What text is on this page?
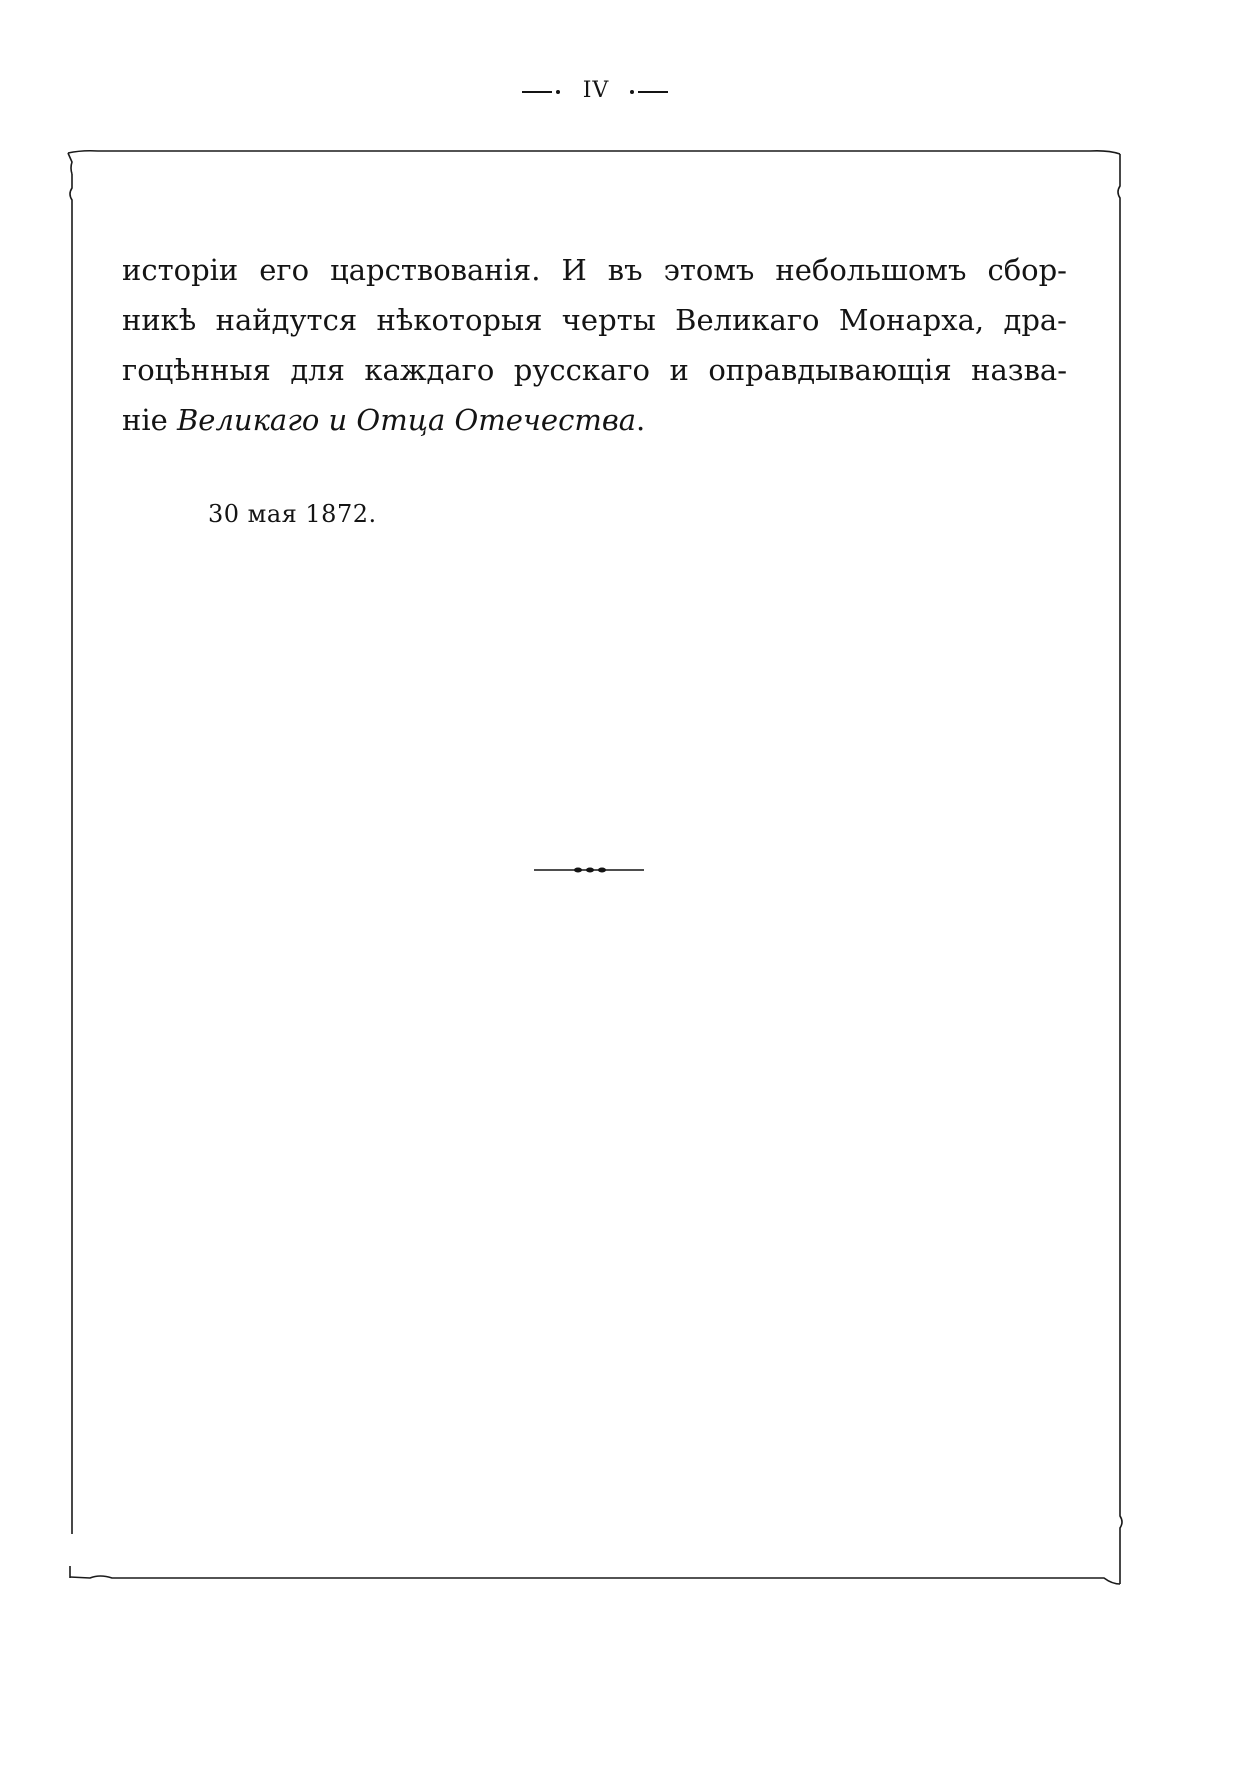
IV
исторіи его царствованія. И въ этомъ небольшомъ сбор-
никѣ найдутся нѣкоторыя черты Великаго Монарха, дра-
гоцѣнныя для каждаго русскаго и оправдывающія назва-
ніе Великаго и Отца Отечества.
30 мая 1872.
